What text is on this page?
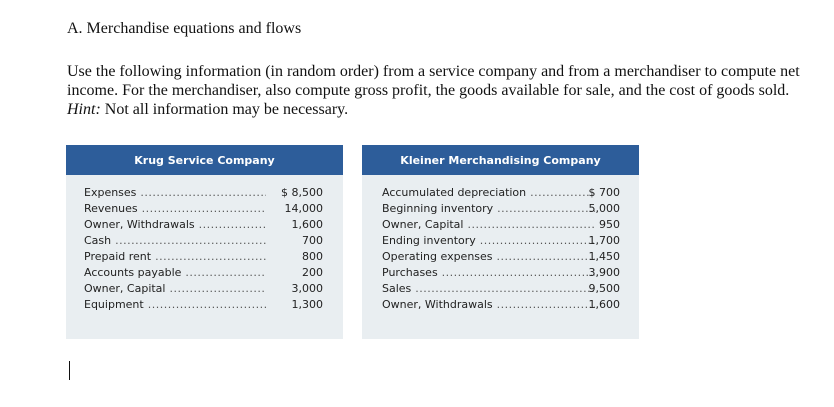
A. Merchandise equations and flows
Use the following information (in random order) from a service company and from a merchandiser to compute net income. For the merchandiser, also compute gross profit, the goods available for sale, and the cost of goods sold. Hint: Not all information may be necessary.
Krug Service Company
Expenses .....	$ 8,500
Revenues .....	14,000
Owner, Withdrawals .....	1,600
Cash .....	700
Prepaid rent .....	800
Accounts payable .....	200
Owner, Capital .....	3,000
Equipment .....	1,300
Kleiner Merchandising Company
Accumulated depreciation .....	$ 700
Beginning inventory .....	5,000
Owner, Capital .....	950
Ending inventory .....	1,700
Operating expenses .....	1,450
Purchases .....	3,900
Sales .....	9,500
Owner, Withdrawals .....	1,600
